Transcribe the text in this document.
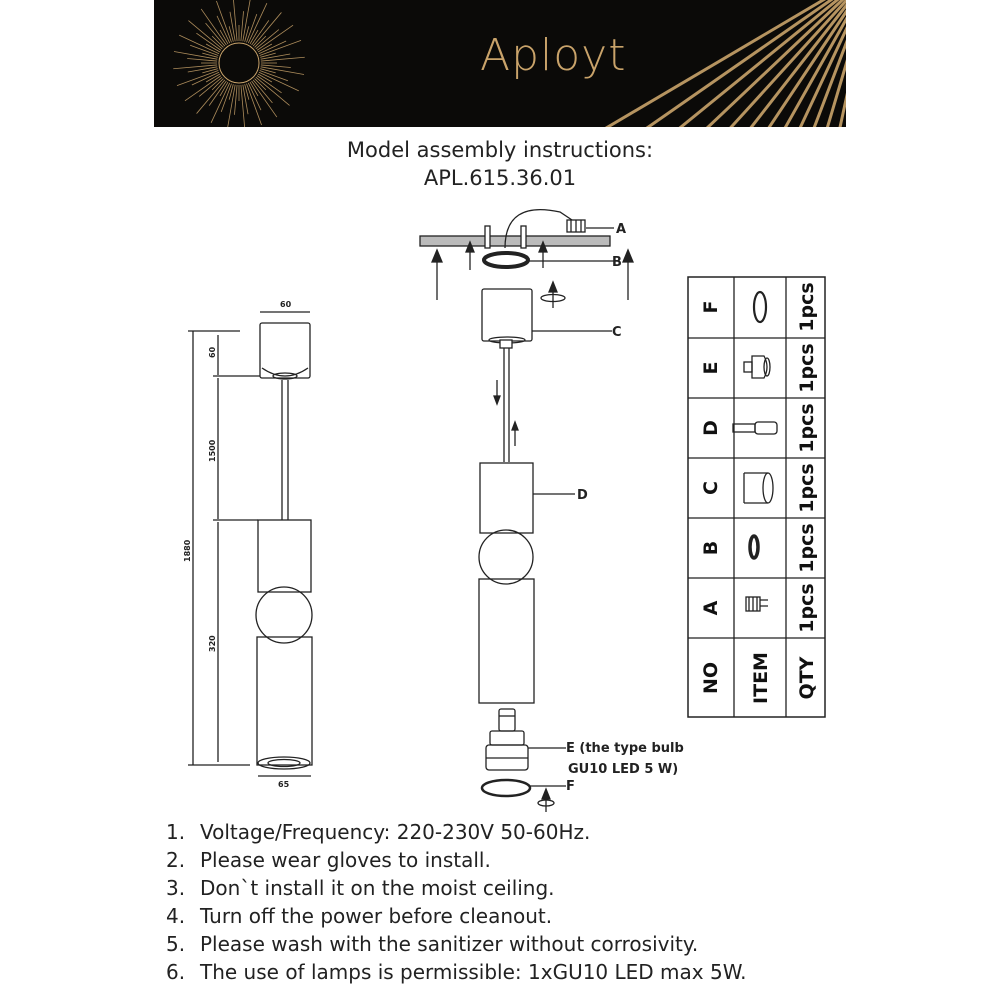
Aployt
Model assembly instructions:
APL.615.36.01
60
60
1500
1880
320
65
A
B
C
D
E (the type bulb
GU10 LED 5 W)
F
F	1pcs
E	1pcs
D	1pcs
C	1pcs
B	1pcs
A	1pcs
NO ITEM QTY
1. Voltage/Frequency: 220-230V 50-60Hz.
2. Please wear gloves to install.
3. Don`t install it on the moist ceiling.
4. Turn off the power before cleanout.
5. Please wash with the sanitizer without corrosivity.
6. The use of lamps is permissible: 1xGU10 LED max 5W.
